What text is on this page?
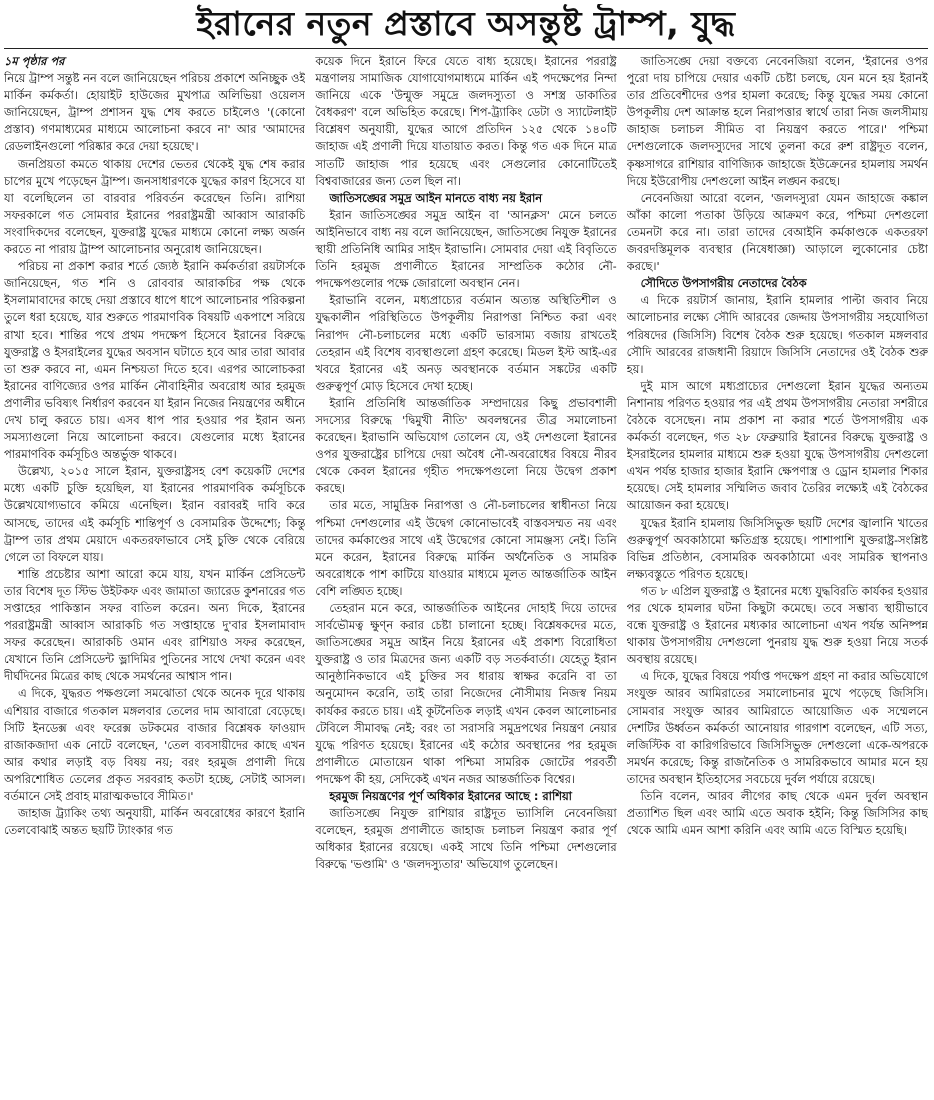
ইরানের নতুন প্রস্তাবে অসন্তুষ্ট ট্রাম্প, যুদ্ধ

১ম পৃষ্ঠার পর

নিয়ে ট্রাম্প সন্তুষ্ট নন বলে জানিয়েছেন পরিচয় প্রকাশে অনিচ্ছুক ওই মার্কিন কর্মকর্তা। হোয়াইট হাউজের মুখপাত্র অলিভিয়া ওয়েলস জানিয়েছেন, ট্রাম্প প্রশাসন যুদ্ধ শেষ করতে চাইলেও '(কোনো প্রস্তাব) গণমাধ্যমের মাধ্যমে আলোচনা করবে না' আর 'আমাদের রেডলাইনগুলো পরিষ্কার করে দেয়া হয়েছে'।

জনপ্রিয়তা কমতে থাকায় দেশের ভেতর থেকেই যুদ্ধ শেষ করার চাপের মুখে পড়েছেন ট্রাম্প। জনসাধারণকে যুদ্ধের কারণ হিসেবে যা যা বলেছিলেন তা বারবার পরিবর্তন করেছেন তিনি। রাশিয়া সফরকালে গত সোমবার ইরানের পররাষ্ট্রমন্ত্রী আব্বাস আরাকচি সংবাদিকদের বলেছেন, যুক্তরাষ্ট্র যুদ্ধের মাধ্যমে কোনো লক্ষ্য অর্জন করতে না পারায় ট্রাম্প আলোচনার অনুরোধ জানিয়েছেন।

পরিচয় না প্রকাশ করার শর্তে জ্যেষ্ঠ ইরানি কর্মকর্তারা রয়টার্সকে জানিয়েছেন, গত শনি ও রোববার আরাকচির পক্ষ থেকে ইসলামাবাদের কাছে দেয়া প্রস্তাবে ধাপে ধাপে আলোচনার পরিকল্পনা তুলে ধরা হয়েছে, যার শুরুতে পারমাণবিক বিষয়টি একপাশে সরিয়ে রাখা হবে। শান্তির পথে প্রথম পদক্ষেপ হিসেবে ইরানের বিরুদ্ধে যুক্তরাষ্ট্র ও ইসরাইলের যুদ্ধের অবসান ঘটাতে হবে আর তারা আবার তা শুরু করবে না, এমন নিশ্চয়তা দিতে হবে। এরপর আলোচকরা ইরানের বাণিজ্যের ওপর মার্কিন নৌবাহিনীর অবরোধ আর হরমুজ প্রণালীর ভবিষ্যৎ নির্ধারণ করবেন যা ইরান নিজের নিয়ন্ত্রণের অধীনে দেখ চালু করতে চায়। এসব ধাপ পার হওয়ার পর ইরান অন্য সমস্যাগুলো নিয়ে আলোচনা করবে। যেগুলোর মধ্যে ইরানের পারমাণবিক কর্মসূচিও অন্তর্ভুক্ত থাকবে।

উল্লেখ্য, ২০১৫ সালে ইরান, যুক্তরাষ্ট্রসহ বেশ কয়েকটি দেশের মধ্যে একটি চুক্তি হয়েছিল, যা ইরানের পারমাণবিক কর্মসূচিকে উল্লেখযোগ্যভাবে কমিয়ে এনেছিল। ইরান বরাবরই দাবি করে আসছে, তাদের এই কর্মসূচি শান্তিপূর্ণ ও বেসামরিক উদ্দেশ্যে; কিন্তু ট্রাম্প তার প্রথম মেয়াদে একতরফাভাবে সেই চুক্তি থেকে বেরিয়ে গেলে তা বিফলে যায়।

শান্তি প্রচেষ্টার আশা আরো কমে যায়, যখন মার্কিন প্রেসিডেন্ট তার বিশেষ দূত স্টিভ উইটকফ এবং জামাতা জ্যারেড কুশনারের গত সপ্তাহের পাকিস্তান সফর বাতিল করেন। অন্য দিকে, ইরানের পররাষ্ট্রমন্ত্রী আব্বাস আরাকচি গত সপ্তাহান্তে দু'বার ইসলামাবাদ সফর করেছেন। আরাকচি ওমান এবং রাশিয়াও সফর করেছেন, যেখানে তিনি প্রেসিডেন্ট ভ্লাদিমির পুতিনের সাথে দেখা করেন এবং দীর্ঘদিনের মিত্রের কাছ থেকে সমর্থনের আশ্বাস পান।

এ দিকে, যুদ্ধরত পক্ষগুলো সমঝোতা থেকে অনেক দূরে থাকায় এশিয়ার বাজারে গতকাল মঙ্গলবার তেলের দাম আবারো বেড়েছে। সিটি ইনডেক্স এবং ফরেক্স ডটকমের বাজার বিশ্লেষক ফাওয়াদ রাজাকজাদা এক নোটে বলেছেন, 'তেল ব্যবসায়ীদের কাছে এখন আর কথার লড়াই বড় বিষয় নয়; বরং হরমুজ প্রণালী দিয়ে অপরিশোধিত তেলের প্রকৃত সরবরাহ কতটা হচ্ছে, সেটাই আসল। বর্তমানে সেই প্রবাহ মারাত্মকভাবে সীমিত।'

জাহাজ ট্র্যাকিং তথ্য অনুযায়ী, মার্কিন অবরোধের কারণে ইরানি তেলবোঝাই অন্তত ছয়টি ট্যাংকার গত

কয়েক দিনে ইরানে ফিরে যেতে বাধ্য হয়েছে। ইরানের পররাষ্ট্র মন্ত্রণালয় সামাজিক যোগাযোগমাধ্যমে মার্কিন এই পদক্ষেপের নিন্দা জানিয়ে একে 'উন্মুক্ত সমুদ্রে জলদস্যুতা ও সশস্ত্র ডাকাতির বৈধকরণ' বলে অভিহিত করেছে। শিপ-ট্র্যাকিং ডেটা ও স্যাটেলাইট বিশ্লেষণ অনুযায়ী, যুদ্ধের আগে প্রতিদিন ১২৫ থেকে ১৪০টি জাহাজ এই প্রণালী দিয়ে যাতায়াত করত। কিন্তু গত এক দিনে মাত্র সাতটি জাহাজ পার হয়েছে এবং সেগুলোর কোনোটিতেই বিশ্ববাজারের জন্য তেল ছিল না।

জাতিসঙ্ঘের সমুদ্র আইন মানতে বাধ্য নয় ইরান

ইরান জাতিসঙ্ঘের সমুদ্র আইন বা 'আনক্লস' মেনে চলতে আইনিভাবে বাধ্য নয় বলে জানিয়েছেন, জাতিসঙ্ঘে নিযুক্ত ইরানের স্থায়ী প্রতিনিধি আমির সাইদ ইরাভানি। সোমবার দেয়া এই বিবৃতিতে তিনি হরমুজ প্রণালীতে ইরানের সাম্প্রতিক কঠোর নৌ-পদক্ষেপগুলোর পক্ষে জোরালো অবস্থান নেন।

ইরাভানি বলেন, মধ্যপ্রাচ্যের বর্তমান অত্যন্ত অস্থিতিশীল ও যুদ্ধকালীন পরিস্থিতিতে উপকূলীয় নিরাপত্তা নিশ্চিত করা এবং নিরাপদ নৌ-চলাচলের মধ্যে একটি ভারসাম্য বজায় রাখতেই তেহরান এই বিশেষ ব্যবস্থাগুলো গ্রহণ করেছে। মিডল ইস্ট আই-এর খবরে ইরানের এই অনড় অবস্থানকে বর্তমান সঙ্কটের একটি গুরুত্বপূর্ণ মোড় হিসেবে দেখা হচ্ছে।

ইরানি প্রতিনিধি আন্তর্জাতিক সম্প্রদায়ের কিছু প্রভাবশালী সদস্যের বিরুদ্ধে 'দ্বিমুখী নীতি' অবলম্বনের তীব্র সমালোচনা করেছেন। ইরাভানি অভিযোগ তোলেন যে, ওই দেশগুলো ইরানের ওপর যুক্তরাষ্ট্রের চাপিয়ে দেয়া অবৈধ নৌ-অবরোধের বিষয়ে নীরব থেকে কেবল ইরানের গৃহীত পদক্ষেপগুলো নিয়ে উদ্বেগ প্রকাশ করছে।

তার মতে, সামুদ্রিক নিরাপত্তা ও নৌ-চলাচলের স্বাধীনতা নিয়ে পশ্চিমা দেশগুলোর এই উদ্বেগ কোনোভাবেই বাস্তবসম্মত নয় এবং তাদের কর্মকাণ্ডের সাথে এই উদ্বেগের কোনো সামঞ্জস্য নেই। তিনি মনে করেন, ইরানের বিরুদ্ধে মার্কিন অর্থনৈতিক ও সামরিক অবরোধকে পাশ কাটিয়ে যাওয়ার মাধ্যমে মূলত আন্তর্জাতিক আইন বেশি লঙ্ঘিত হচ্ছে।

তেহরান মনে করে, আন্তর্জাতিক আইনের দোহাই দিয়ে তাদের সার্বভৌমত্ব ক্ষুণ্ন করার চেষ্টা চালানো হচ্ছে। বিশ্লেষকদের মতে, জাতিসঙ্ঘের সমুদ্র আইন নিয়ে ইরানের এই প্রকাশ্য বিরোধিতা যুক্তরাষ্ট্র ও তার মিত্রদের জন্য একটি বড় সতর্কবার্তা। যেহেতু ইরান আনুষ্ঠানিকভাবে এই চুক্তির সব ধারায় স্বাক্ষর করেনি বা তা অনুমোদন করেনি, তাই তারা নিজেদের নৌসীমায় নিজস্ব নিয়ম কার্যকর করতে চায়। এই কূটনৈতিক লড়াই এখন কেবল আলোচনার টেবিলে সীমাবদ্ধ নেই; বরং তা সরাসরি সমুদ্রপথের নিয়ন্ত্রণ নেয়ার যুদ্ধে পরিণত হয়েছে। ইরানের এই কঠোর অবস্থানের পর হরমুজ প্রণালীতে মোতায়েন থাকা পশ্চিমা সামরিক জোটের পরবর্তী পদক্ষেপ কী হয়, সেদিকেই এখন নজর আন্তর্জাতিক বিশ্বের।

হরমুজ নিয়ন্ত্রণের পূর্ণ অধিকার ইরানের আছে : রাশিয়া

জাতিসঙ্ঘে নিযুক্ত রাশিয়ার রাষ্ট্রদূত ভ্যাসিলি নেবেনজিয়া বলেছেন, হরমুজ প্রণালীতে জাহাজ চলাচল নিয়ন্ত্রণ করার পূর্ণ অধিকার ইরানের রয়েছে। একই সাথে তিনি পশ্চিমা দেশগুলোর বিরুদ্ধে 'ভণ্ডামি' ও 'জলদস্যুতার' অভিযোগ তুলেছেন।

জাতিসঙ্ঘে দেয়া বক্তব্যে নেবেনজিয়া বলেন, 'ইরানের ওপর পুরো দায় চাপিয়ে দেয়ার একটি চেষ্টা চলছে, যেন মনে হয় ইরানই তার প্রতিবেশীদের ওপর হামলা করেছে; কিন্তু যুদ্ধের সময় কোনো উপকূলীয় দেশ আক্রান্ত হলে নিরাপত্তার স্বার্থে তারা নিজ জলসীমায় জাহাজ চলাচল সীমিত বা নিয়ন্ত্রণ করতে পারে।' পশ্চিমা দেশগুলোকে জলদস্যুদের সাথে তুলনা করে রুশ রাষ্ট্রদূত বলেন, কৃষ্ণসাগরে রাশিয়ার বাণিজ্যিক জাহাজে ইউক্রেনের হামলায় সমর্থন দিয়ে ইউরোপীয় দেশগুলো আইন লঙ্ঘন করছে।

নেবেনজিয়া আরো বলেন, 'জলদস্যুরা যেমন জাহাজে কঙ্কাল আঁকা কালো পতাকা উড়িয়ে আক্রমণ করে, পশ্চিমা দেশগুলো তেমনটা করে না। তারা তাদের বেআইনি কর্মকাণ্ডকে একতরফা জবরদস্তিমূলক ব্যবস্থার (নিষেধাজ্ঞা) আড়ালে লুকোনোর চেষ্টা করছে।'

সৌদিতে উপসাগরীয় নেতাদের বৈঠক

এ দিকে রয়টার্স জানায়, ইরানি হামলার পাল্টা জবাব নিয়ে আলোচনার লক্ষ্যে সৌদি আরবের জেদ্দায় উপসাগরীয় সহযোগিতা পরিষদের (জিসিসি) বিশেষ বৈঠক শুরু হয়েছে। গতকাল মঙ্গলবার সৌদি আরবের রাজধানী রিয়াদে জিসিসি নেতাদের ওই বৈঠক শুরু হয়।

দুই মাস আগে মধ্যপ্রাচ্যের দেশগুলো ইরান যুদ্ধের অন্যতম নিশানায় পরিণত হওয়ার পর এই প্রথম উপসাগরীয় নেতারা সশরীরে বৈঠকে বসেছেন। নাম প্রকাশ না করার শর্তে উপসাগরীয় এক কর্মকর্তা বলেছেন, গত ২৮ ফেব্রুয়ারি ইরানের বিরুদ্ধে যুক্তরাষ্ট্র ও ইসরাইলের হামলার মাধ্যমে শুরু হওয়া যুদ্ধে উপসাগরীয় দেশগুলো এখন পর্যন্ত হাজার হাজার ইরানি ক্ষেপণাস্ত্র ও ড্রোন হামলার শিকার হয়েছে। সেই হামলার সম্মিলিত জবাব তৈরির লক্ষ্যেই এই বৈঠকের আয়োজন করা হয়েছে।

যুদ্ধের ইরানি হামলায় জিসিসিভুক্ত ছয়টি দেশের জ্বালানি খাতের গুরুত্বপূর্ণ অবকাঠামো ক্ষতিগ্রস্ত হয়েছে। পাশাপাশি যুক্তরাষ্ট্র-সংশ্লিষ্ট বিভিন্ন প্রতিষ্ঠান, বেসামরিক অবকাঠামো এবং সামরিক স্থাপনাও লক্ষ্যবস্তুতে পরিণত হয়েছে।

গত ৮ এপ্রিল যুক্তরাষ্ট্র ও ইরানের মধ্যে যুদ্ধবিরতি কার্যকর হওয়ার পর থেকে হামলার ঘটনা কিছুটা কমেছে। তবে সম্ভাব্য স্থায়ীভাবে বন্ধে যুক্তরাষ্ট্র ও ইরানের মধ্যকার আলোচনা এখন পর্যন্ত অনিষ্পন্ন থাকায় উপসাগরীয় দেশগুলো পুনরায় যুদ্ধ শুরু হওয়া নিয়ে সতর্ক অবস্থায় রয়েছে।

এ দিকে, যুদ্ধের বিষয়ে পর্যাপ্ত পদক্ষেপ গ্রহণ না করার অভিযোগে সংযুক্ত আরব আমিরাতের সমালোচনার মুখে পড়েছে জিসিসি। সোমবার সংযুক্ত আরব আমিরাতে আয়োজিত এক সম্মেলনে দেশটির উর্ধ্বতন কর্মকর্তা আনোয়ার গারগাশ বলেছেন, এটি সত্য, লজিস্টিক বা কারিগরিভাবে জিসিসিভুক্ত দেশগুলো একে-অপরকে সমর্থন করেছে; কিন্তু রাজনৈতিক ও সামরিকভাবে আমার মনে হয় তাদের অবস্থান ইতিহাসের সবচেয়ে দুর্বল পর্যায়ে রয়েছে।

তিনি বলেন, আরব লীগের কাছ থেকে এমন দুর্বল অবস্থান প্রত্যাশিত ছিল এবং আমি এতে অবাক হইনি; কিন্তু জিসিসির কাছ থেকে আমি এমন আশা করিনি এবং আমি এতে বিস্মিত হয়েছি।
